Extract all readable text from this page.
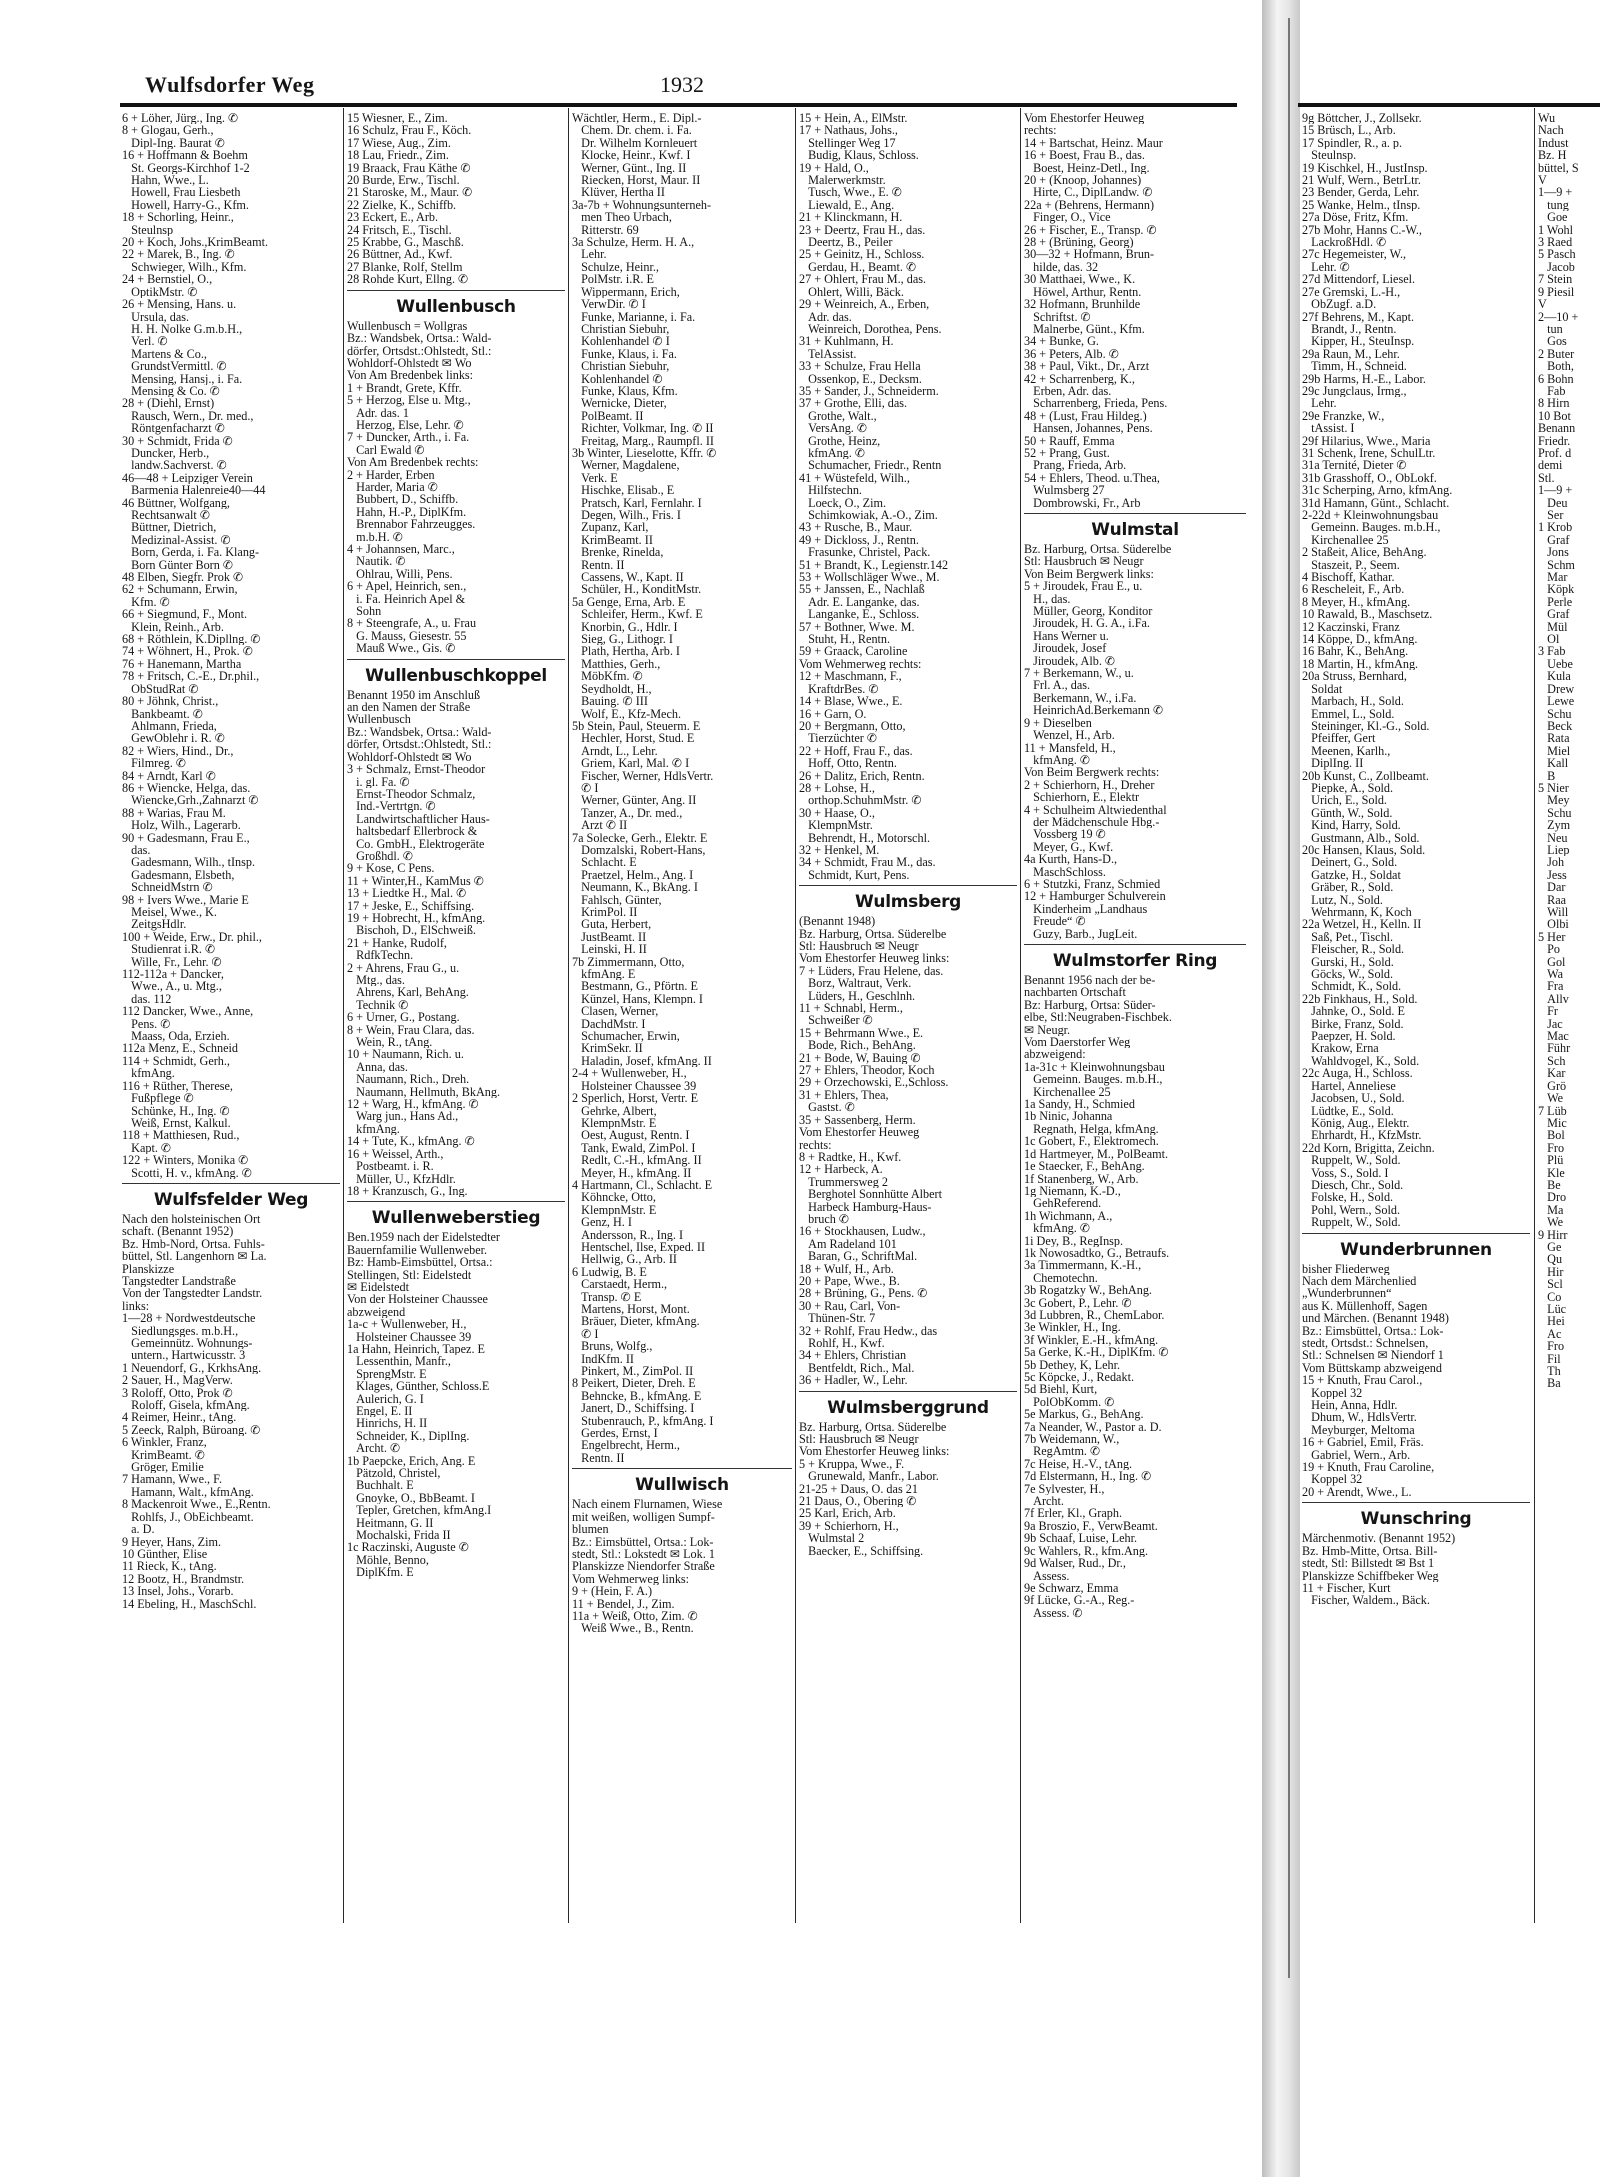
Wulfsdorfer Weg	1932
6 + Löher, Jürg., Ing. ✆
8 + Glogau, Gerh.,
Dipl-Ing. Baurat ✆
16 + Hoffmann & Boehm
St. Georgs-Kirchhof 1-2
Hahn, Wwe., L.
Howell, Frau Liesbeth
Howell, Harry-G., Kfm.
18 + Schorling, Heinr.,
Steulnsp
20 + Koch, Johs.,KrimBeamt.
22 + Marek, B., Ing. ✆
Schwieger, Wilh., Kfm.
24 + Bernstiel, O.,
OptikMstr. ✆
26 + Mensing, Hans. u.
Ursula, das.
H. H. Nolke G.m.b.H.,
Verl. ✆
Martens & Co.,
GrundstVermittl. ✆
Mensing, Hansj., i. Fa.
Mensing & Co. ✆
28 + (Diehl, Ernst)
Rausch, Wern., Dr. med.,
Röntgenfacharzt ✆
30 + Schmidt, Frida ✆
Duncker, Herb.,
landw.Sachverst. ✆
46—48 + Leipziger Verein
Barmenia Halenreie40—44
46 Büttner, Wolfgang,
Rechtsanwalt ✆
Büttner, Dietrich,
Medizinal-Assist. ✆
Born, Gerda, i. Fa. Klang-
Born Günter Born ✆
48 Elben, Siegfr. Prok ✆
62 + Schumann, Erwin,
Kfm. ✆
66 + Siegmund, F., Mont.
Klein, Reinh., Arb.
68 + Röthlein, K.Dipllng. ✆
74 + Wöhnert, H., Prok. ✆
76 + Hanemann, Martha
78 + Fritsch, C.-E., Dr.phil.,
ObStudRat ✆
80 + Jöhnk, Christ.,
Bankbeamt. ✆
Ahlmann, Frieda,
GewOblehr i. R. ✆
82 + Wiers, Hind., Dr.,
Filmreg. ✆
84 + Arndt, Karl ✆
86 + Wiencke, Helga, das.
Wiencke,Grh.,Zahnarzt ✆
88 + Warias, Frau M.
Holz, Wilh., Lagerarb.
90 + Gadesmann, Frau E.,
das.
Gadesmann, Wilh., tInsp.
Gadesmann, Elsbeth,
SchneidMstrn ✆
98 + Ivers Wwe., Marie E
Meisel, Wwe., K.
ZeitgsHdlr.
100 + Weide, Erw., Dr. phil.,
Studienrat i.R. ✆
Wille, Fr., Lehr. ✆
112-112a + Dancker,
Wwe., A., u. Mtg.,
das. 112
112 Dancker, Wwe., Anne,
Pens. ✆
Maass, Oda, Erzieh.
112a Menz, E., Schneid
114 + Schmidt, Gerh.,
kfmAng.
116 + Rüther, Therese,
Fußpflege ✆
Schünke, H., Ing. ✆
Weiß, Ernst, Kalkul.
118 + Matthiesen, Rud.,
Kapt. ✆
122 + Winters, Monika ✆
Scotti, H. v., kfmAng. ✆
Wulfsfelder Weg
Nach den holsteinischen Ort
schaft. (Benannt 1952)
Bz. Hmb-Nord, Ortsa. Fuhls-
büttel, Stl. Langenhorn ✉ La.
Planskizze
Tangstedter Landstraße
Von der Tangstedter Landstr.
links:
1—28 + Nordwestdeutsche
Siedlungsges. m.b.H.,
Gemeinnütz. Wohnungs-
untern., Hartwicusstr. 3
1 Neuendorf, G., KrkhsAng.
2 Sauer, H., MagVerw.
3 Roloff, Otto, Prok ✆
Roloff, Gisela, kfmAng.
4 Reimer, Heinr., tAng.
5 Zeeck, Ralph, Büroang. ✆
6 Winkler, Franz,
KrimBeamt. ✆
Gröger, Emilie
7 Hamann, Wwe., F.
Hamann, Walt., kfmAng.
8 Mackenroit Wwe., E.,Rentn.
Rohlfs, J., ObEichbeamt.
a. D.
9 Heyer, Hans, Zim.
10 Günther, Elise
11 Rieck, K., tAng.
12 Bootz, H., Brandmstr.
13 Insel, Johs., Vorarb.
14 Ebeling, H., MaschSchl.
15 Wiesner, E., Zim.
16 Schulz, Frau F., Köch.
17 Wiese, Aug., Zim.
18 Lau, Friedr., Zim.
19 Braack, Frau Käthe ✆
20 Burde, Erw., Tischl.
21 Staroske, M., Maur. ✆
22 Zielke, K., Schiffb.
23 Eckert, E., Arb.
24 Fritsch, E., Tischl.
25 Krabbe, G., Maschß.
26 Büttner, Ad., Kwf.
27 Blanke, Rolf, Stellm
28 Rohde Kurt, Ellng. ✆
Wullenbusch
Wullenbusch = Wollgras
Bz.: Wandsbek, Ortsa.: Wald-
dörfer, Ortsdst.:Ohlstedt, Stl.:
Wohldorf-Ohlstedt ✉ Wo
Von Am Bredenbek links:
1 + Brandt, Grete, Kffr.
5 + Herzog, Else u. Mtg.,
Adr. das. 1
Herzog, Else, Lehr. ✆
7 + Duncker, Arth., i. Fa.
Carl Ewald ✆
Von Am Bredenbek rechts:
2 + Harder, Erben
Harder, Maria ✆
Bubbert, D., Schiffb.
Hahn, H.-P., DiplKfm.
Brennabor Fahrzeugges.
m.b.H. ✆
4 + Johannsen, Marc.,
Nautik. ✆
Ohlrau, Willi, Pens.
6 + Apel, Heinrich, sen.,
i. Fa. Heinrich Apel &
Sohn
8 + Steengrafe, A., u. Frau
G. Mauss, Giesestr. 55
Mauß Wwe., Gis. ✆
Wullenbuschkoppel
Benannt 1950 im Anschluß
an den Namen der Straße
Wullenbusch
Bz.: Wandsbek, Ortsa.: Wald-
dörfer, Ortsdst.:Ohlstedt, Stl.:
Wohldorf-Ohlstedt ✉ Wo
3 + Schmalz, Ernst-Theodor
i. gl. Fa. ✆
Ernst-Theodor Schmalz,
Ind.-Vertrtgn. ✆
Landwirtschaftlicher Haus-
haltsbedarf Ellerbrock &
Co. GmbH., Elektrogeräte
Großhdl. ✆
9 + Kose, C Pens.
11 + Winter,H., KamMus ✆
13 + Liedtke H., Mal. ✆
17 + Jeske, E., Schiffsing.
19 + Hobrecht, H., kfmAng.
Bischoh, D., ElSchweiß.
21 + Hanke, Rudolf,
RdfkTechn.
2 + Ahrens, Frau G., u.
Mtg., das.
Ahrens, Karl, BehAng.
Technik ✆
6 + Urner, G., Postang.
8 + Wein, Frau Clara, das.
Wein, R., tAng.
10 + Naumann, Rich. u.
Anna, das.
Naumann, Rich., Dreh.
Naumann, Hellmuth, BkAng.
12 + Warg, H., kfmAng. ✆
Warg jun., Hans Ad.,
kfmAng.
14 + Tute, K., kfmAng. ✆
16 + Weissel, Arth.,
Postbeamt. i. R.
Müller, U., KfzHdlr.
18 + Kranzusch, G., Ing.
Wullenweberstieg
Ben.1959 nach der Eidelstedter
Bauernfamilie Wullenweber.
Bz: Hamb-Eimsbüttel, Ortsa.:
Stellingen, Stl: Eidelstedt
✉ Eidelstedt
Von der Holsteiner Chaussee
abzweigend
1a-c + Wullenweber, H.,
Holsteiner Chaussee 39
1a Hahn, Heinrich, Tapez. E
Lessenthin, Manfr.,
SprengMstr. E
Klages, Günther, Schloss.E
Aulerich, G. I
Engel, E. II
Hinrichs, H. II
Schneider, K., DiplIng.
Archt. ✆
1b Paepcke, Erich, Ang. E
Pätzold, Christel,
Buchhalt. E
Gnoyke, O., BbBeamt. I
Tepler, Gretchen, kfmAng.I
Heitmann, G. II
Mochalski, Frida II
1c Raczinski, Auguste ✆
Möhle, Benno,
DiplKfm. E
Wächtler, Herm., E. Dipl.-
Chem. Dr. chem. i. Fa.
Dr. Wilhelm Kornleuert
Klocke, Heinr., Kwf. I
Werner, Günt., Ing. II
Riecken, Horst, Maur. II
Klüver, Hertha II
3a-7b + Wohnungsunterneh-
men Theo Urbach,
Ritterstr. 69
3a Schulze, Herm. H. A.,
Lehr.
Schulze, Heinr.,
PolMstr. i.R. E
Wippermann, Erich,
VerwDir. ✆ I
Funke, Marianne, i. Fa.
Christian Siebuhr,
Kohlenhandel ✆ I
Funke, Klaus, i. Fa.
Christian Siebuhr,
Kohlenhandel ✆
Funke, Klaus, Kfm.
Wernicke, Dieter,
PolBeamt. II
Richter, Volkmar, Ing. ✆ II
Freitag, Marg., Raumpfl. II
3b Winter, Lieselotte, Kffr. ✆
Werner, Magdalene,
Verk. E
Hischke, Elisab., E
Pratsch, Karl, Fernlahr. I
Degen, Wilh., Fris. I
Zupanz, Karl,
KrimBeamt. II
Brenke, Rinelda,
Rentn. II
Cassens, W., Kapt. II
Schüler, H., KonditMstr.
5a Genge, Erna, Arb. E
Schleifer, Herm., Kwf. E
Knorbin, G., Hdlr. I
Sieg, G., Lithogr. I
Plath, Hertha, Arb. I
Matthies, Gerh.,
MöbKfm. ✆
Seydholdt, H.,
Bauing. ✆ III
Wolf, E., Kfz-Mech.
5b Stein, Paul, Steuerm. E
Hechler, Horst, Stud. E
Arndt, L., Lehr.
Griem, Karl, Mal. ✆ I
Fischer, Werner, HdlsVertr.
✆ I
Werner, Günter, Ang. II
Tanzer, A., Dr. med.,
Arzt ✆ II
7a Solecke, Gerh., Elektr. E
Domzalski, Robert-Hans,
Schlacht. E
Praetzel, Helm., Ang. I
Neumann, K., BkAng. I
Fahlsch, Günter,
KrimPol. II
Guta, Herbert,
JustBeamt. II
Leinski, H. II
7b Zimmermann, Otto,
kfmAng. E
Bestmann, G., Pförtn. E
Künzel, Hans, Klempn. I
Clasen, Werner,
DachdMstr. I
Schumacher, Erwin,
KrimSekr. II
Haladin, Josef, kfmAng. II
2-4 + Wullenweber, H.,
Holsteiner Chaussee 39
2 Sperlich, Horst, Vertr. E
Gehrke, Albert,
KlempnMstr. E
Oest, August, Rentn. I
Tank, Ewald, ZimPol. I
Redlt, C.-H., kfmAng. II
Meyer, H., kfmAng. II
4 Hartmann, Cl., Schlacht. E
Köhncke, Otto,
KlempnMstr. E
Genz, H. I
Andersson, R., Ing. I
Hentschel, Ilse, Exped. II
Hellwig, G., Arb. II
6 Ludwig, B. E
Carstaedt, Herm.,
Transp. ✆ E
Martens, Horst, Mont.
Bräuer, Dieter, kfmAng.
✆ I
Bruns, Wolfg.,
IndKfm. II
Pinkert, M., ZimPol. II
8 Peikert, Dieter, Dreh. E
Behncke, B., kfmAng. E
Janert, D., Schiffsing. I
Stubenrauch, P., kfmAng. I
Gerdes, Ernst, I
Engelbrecht, Herm.,
Rentn. II
Wullwisch
Nach einem Flurnamen, Wiese
mit weißen, wolligen Sumpf-
blumen
Bz.: Eimsbüttel, Ortsa.: Lok-
stedt, Stl.: Lokstedt ✉ Lok. 1
Planskizze Niendorfer Straße
Vom Wehmerweg links:
9 + (Hein, F. A.)
11 + Bendel, J., Zim.
11a + Weiß, Otto, Zim. ✆
Weiß Wwe., B., Rentn.
15 + Hein, A., ElMstr.
17 + Nathaus, Johs.,
Stellinger Weg 17
Budig, Klaus, Schloss.
19 + Hald, O.,
Malerwerkmstr.
Tusch, Wwe., E. ✆
Liewald, E., Ang.
21 + Klinckmann, H.
23 + Deertz, Frau H., das.
Deertz, B., Peiler
25 + Geinitz, H., Schloss.
Gerdau, H., Beamt. ✆
27 + Ohlert, Frau M., das.
Ohlert, Willi, Bäck.
29 + Weinreich, A., Erben,
Adr. das.
Weinreich, Dorothea, Pens.
31 + Kuhlmann, H.
TelAssist.
33 + Schulze, Frau Hella
Ossenkop, E., Decksm.
35 + Sander, J., Schneiderm.
37 + Grothe, Elli, das.
Grothe, Walt.,
VersAng. ✆
Grothe, Heinz,
kfmAng. ✆
Schumacher, Friedr., Rentn
41 + Wüstefeld, Wilh.,
Hilfstechn.
Loeck, O., Zim.
Schimkowiak, A.-O., Zim.
43 + Rusche, B., Maur.
49 + Dickloss, J., Rentn.
Frasunke, Christel, Pack.
51 + Brandt, K., Legienstr.142
53 + Wollschläger Wwe., M.
55 + Janssen, E., Nachlaß
Adr. E. Langanke, das.
Langanke, E., Schloss.
57 + Bothner, Wwe. M.
Stuht, H., Rentn.
59 + Graack, Caroline
Vom Wehmerweg rechts:
12 + Maschmann, F.,
KraftdrBes. ✆
14 + Blase, Wwe., E.
16 + Garn, O.
20 + Bergmann, Otto,
Tierzüchter ✆
22 + Hoff, Frau F., das.
Hoff, Otto, Rentn.
26 + Dalitz, Erich, Rentn.
28 + Lohse, H.,
orthop.SchuhmMstr. ✆
30 + Haase, O.,
KlempnMstr.
Behrendt, H., Motorschl.
32 + Henkel, M.
34 + Schmidt, Frau M., das.
Schmidt, Kurt, Pens.
Wulmsberg
(Benannt 1948)
Bz. Harburg, Ortsa. Süderelbe
Stl: Hausbruch ✉ Neugr
Vom Ehestorfer Heuweg links:
7 + Lüders, Frau Helene, das.
Borz, Waltraut, Verk.
Lüders, H., Geschlnh.
11 + Schnabl, Herm.,
Schweißer ✆
15 + Behrmann Wwe., E.
Bode, Rich., BehAng.
21 + Bode, W, Bauing ✆
27 + Ehlers, Theodor, Koch
29 + Orzechowski, E.,Schloss.
31 + Ehlers, Thea,
Gastst. ✆
35 + Sassenberg, Herm.
Vom Ehestorfer Heuweg
rechts:
8 + Radtke, H., Kwf.
12 + Harbeck, A.
Trummersweg 2
Berghotel Sonnhütte Albert
Harbeck Hamburg-Haus-
bruch ✆
16 + Stockhausen, Ludw.,
Am Radeland 101
Baran, G., SchriftMal.
18 + Wulf, H., Arb.
20 + Pape, Wwe., B.
28 + Brüning, G., Pens. ✆
30 + Rau, Carl, Von-
Thünen-Str. 7
32 + Rohlf, Frau Hedw., das
Rohlf, H., Kwf.
34 + Ehlers, Christian
Bentfeldt, Rich., Mal.
36 + Hadler, W., Lehr.
Wulmsberggrund
Bz. Harburg, Ortsa. Süderelbe
Stl: Hausbruch ✉ Neugr
Vom Ehestorfer Heuweg links:
5 + Kruppa, Wwe., F.
Grunewald, Manfr., Labor.
21-25 + Daus, O. das 21
21 Daus, O., Obering ✆
25 Karl, Erich, Arb.
39 + Schierhorn, H.,
Wulmstal 2
Baecker, E., Schiffsing.
Vom Ehestorfer Heuweg
rechts:
14 + Bartschat, Heinz. Maur
16 + Boest, Frau B., das.
Boest, Heinz-Detl., Ing.
20 + (Knoop, Johannes)
Hirte, C., DiplLandw. ✆
22a + (Behrens, Hermann)
Finger, O., Vice
26 + Fischer, E., Transp. ✆
28 + (Brüning, Georg)
30—32 + Hofmann, Brun-
hilde, das. 32
30 Matthaei, Wwe., K.
Höwel, Arthur, Rentn.
32 Hofmann, Brunhilde
Schriftst. ✆
Malnerbe, Günt., Kfm.
34 + Bunke, G.
36 + Peters, Alb. ✆
38 + Paul, Vikt., Dr., Arzt
42 + Scharrenberg, K.,
Erben, Adr. das.
Scharrenberg, Frieda, Pens.
48 + (Lust, Frau Hildeg.)
Hansen, Johannes, Pens.
50 + Rauff, Emma
52 + Prang, Gust.
Prang, Frieda, Arb.
54 + Ehlers, Theod. u.Thea,
Wulmsberg 27
Dombrowski, Fr., Arb
Wulmstal
Bz. Harburg, Ortsa. Süderelbe
Stl: Hausbruch ✉ Neugr
Von Beim Bergwerk links:
5 + Jiroudek, Frau E., u.
H., das.
Müller, Georg, Konditor
Jiroudek, H. G. A., i.Fa.
Hans Werner u.
Jiroudek, Josef
Jiroudek, Alb. ✆
7 + Berkemann, W., u.
Frl. A., das.
Berkemann, W., i.Fa.
HeinrichAd.Berkemann ✆
9 + Dieselben
Wenzel, H., Arb.
11 + Mansfeld, H.,
kfmAng. ✆
Von Beim Bergwerk rechts:
2 + Schierhorn, H., Dreher
Schierhorn, E., Elektr
4 + Schulheim Altwiedenthal
der Mädchenschule Hbg.-
Vossberg 19 ✆
Meyer, G., Kwf.
4a Kurth, Hans-D.,
MaschSchloss.
6 + Stutzki, Franz, Schmied
12 + Hamburger Schulverein
Kinderheim „Landhaus
Freude“ ✆
Guzy, Barb., JugLeit.
Wulmstorfer Ring
Benannt 1956 nach der be-
nachbarten Ortschaft
Bz: Harburg, Ortsa: Süder-
elbe, Stl:Neugraben-Fischbek.
✉ Neugr.
Vom Daerstorfer Weg
abzweigend:
1a-31c + Kleinwohnungsbau
Gemeinn. Bauges. m.b.H.,
Kirchenallee 25
1a Sandy, H., Schmied
1b Ninic, Johanna
Regnath, Helga, kfmAng.
1c Gobert, F., Elektromech.
1d Hartmeyer, M., PolBeamt.
1e Staecker, F., BehAng.
1f Stanenberg, W., Arb.
1g Niemann, K.-D.,
GehReferend.
1h Wichmann, A.,
kfmAng. ✆
1i Dey, B., RegInsp.
1k Nowosadtko, G., Betraufs.
3a Timmermann, K.-H.,
Chemotechn.
3b Rogatzky W., BehAng.
3c Gobert, P., Lehr. ✆
3d Lubbren, R., ChemLabor.
3e Winkler, H., Ing.
3f Winkler, E.-H., kfmAng.
5a Gerke, K.-H., DiplKfm. ✆
5b Dethey, K, Lehr.
5c Köpcke, J., Redakt.
5d Biehl, Kurt,
PolObKomm. ✆
5e Markus, G., BehAng.
7a Neander, W., Pastor a. D.
7b Weidemann, W.,
RegAmtm. ✆
7c Heise, H.-V., tAng.
7d Elstermann, H., Ing. ✆
7e Sylvester, H.,
Archt.
7f Erler, Kl., Graph.
9a Broszio, F., VerwBeamt.
9b Schaaf, Luise, Lehr.
9c Wahlers, R., kfm.Ang.
9d Walser, Rud., Dr.,
Assess.
9e Schwarz, Emma
9f Lücke, G.-A., Reg.-
Assess. ✆
9g Böttcher, J., Zollsekr.
15 Brüsch, L., Arb.
17 Spindler, R., a. p.
Steulnsp.
19 Kischkel, H., JustInsp.
21 Wulf, Wern., BetrLtr.
23 Bender, Gerda, Lehr.
25 Wanke, Helm., tInsp.
27a Döse, Fritz, Kfm.
27b Mohr, Hanns C.-W.,
LackroßHdl. ✆
27c Hegemeister, W.,
Lehr. ✆
27d Mittendorf, Liesel.
27e Gremski, L.-H.,
ObZugf. a.D.
27f Behrens, M., Kapt.
Brandt, J., Rentn.
Kipper, H., SteuInsp.
29a Raun, M., Lehr.
Timm, H., Schneid.
29b Harms, H.-E., Labor.
29c Jungclaus, Irmg.,
Lehr.
29e Franzke, W.,
tAssist. I
29f Hilarius, Wwe., Maria
31 Schenk, Irene, SchulLtr.
31a Ternité, Dieter ✆
31b Grasshoff, O., ObLokf.
31c Scherping, Arno, kfmAng.
31d Hamann, Günt., Schlacht.
2-22d + Kleinwohnungsbau
Gemeinn. Bauges. m.b.H.,
Kirchenallee 25
2 Staßeit, Alice, BehAng.
Staszeit, P., Seem.
4 Bischoff, Kathar.
6 Rescheleit, F., Arb.
8 Meyer, H., kfmAng.
10 Rawald, B., Maschsetz.
12 Kaczinski, Franz
14 Köppe, D., kfmAng.
16 Bahr, K., BehAng.
18 Martin, H., kfmAng.
20a Struss, Bernhard,
Soldat
Marbach, H., Sold.
Emmel, L., Sold.
Steininger, Kl.-G., Sold.
Pfeiffer, Gert
Meenen, Karlh.,
DiplIng. II
20b Kunst, C., Zollbeamt.
Piepke, A., Sold.
Urich, E., Sold.
Günth, W., Sold.
Kind, Harry, Sold.
Gustmann, Alb., Sold.
20c Hansen, Klaus, Sold.
Deinert, G., Sold.
Gatzke, H., Soldat
Gräber, R., Sold.
Lutz, N., Sold.
Wehrmann, K, Koch
22a Wetzel, H., Kelln. II
Saß, Pet., Tischl.
Fleischer, R., Sold.
Gurski, H., Sold.
Göcks, W., Sold.
Schmidt, K., Sold.
22b Finkhaus, H., Sold.
Jahnke, O., Sold. E
Birke, Franz, Sold.
Paepzer, H. Sold.
Krakow, Erna
Wahldvogel, K., Sold.
22c Auga, H., Schloss.
Hartel, Anneliese
Jacobsen, U., Sold.
Lüdtke, E., Sold.
König, Aug., Elektr.
Ehrhardt, H., KfzMstr.
22d Korn, Brigitta, Zeichn.
Ruppelt, W., Sold.
Voss, S., Sold. I
Diesch, Chr., Sold.
Folske, H., Sold.
Pohl, Wern., Sold.
Ruppelt, W., Sold.
Wunderbrunnen
bisher Fliederweg
Nach dem Märchenlied
„Wunderbrunnen“
aus K. Müllenhoff, Sagen
und Märchen. (Benannt 1948)
Bz.: Eimsbüttel, Ortsa.: Lok-
stedt, Ortsdst.: Schnelsen,
Stl.: Schnelsen ✉ Niendorf 1
Vom Büttskamp abzweigend
15 + Knuth, Frau Carol.,
Koppel 32
Hein, Anna, Hdlr.
Dhum, W., HdlsVertr.
Meyburger, Meltoma
16 + Gabriel, Emil, Fräs.
Gabriel, Wern., Arb.
19 + Knuth, Frau Caroline,
Koppel 32
20 + Arendt, Wwe., L.
Wunschring
Märchenmotiv. (Benannt 1952)
Bz. Hmb-Mitte, Ortsa. Bill-
stedt, Stl: Billstedt ✉ Bst 1
Planskizze Schiffbeker Weg
11 + Fischer, Kurt
Fischer, Waldem., Bäck.
Wu
Nach
Indust
Bz. H
büttel, S
V
1—9 +
tung
Goe
1 Wohl
3 Raed
5 Pasch
Jacob
7 Stein
9 Piesil
V
2—10 +
tun
Gos
2 Buter
Both,
6 Bohn
Fab
8 Hirn
10 Bot
Benann
Friedr.
Prof. d
demi
Stl.
1—9 +
Deu
Ser
1 Krob
Graf
Jons
Schm
Mar
Köpk
Perle
Graf
Mül
Ol
3 Fab
Uebe
Kula
Drew
Lewe
Schu
Beck
Rata
Miel
Kall
B
5 Nier
Mey
Schu
Zym
Neu
Liep
Joh
Jess
Dar
Raa
Will
Olbi
5 Her
Po
Gol
Wa
Fra
Allv
Fr
Jac
Mac
Führ
Sch
Kar
Grö
We
7 Lüb
Mic
Bol
Fro
Plü
Kle
Be
Dro
Ma
We
9 Hirr
Ge
Qu
Hir
Scl
Co
Lüc
Hei
Ac
Fro
Fil
Th
Ba
